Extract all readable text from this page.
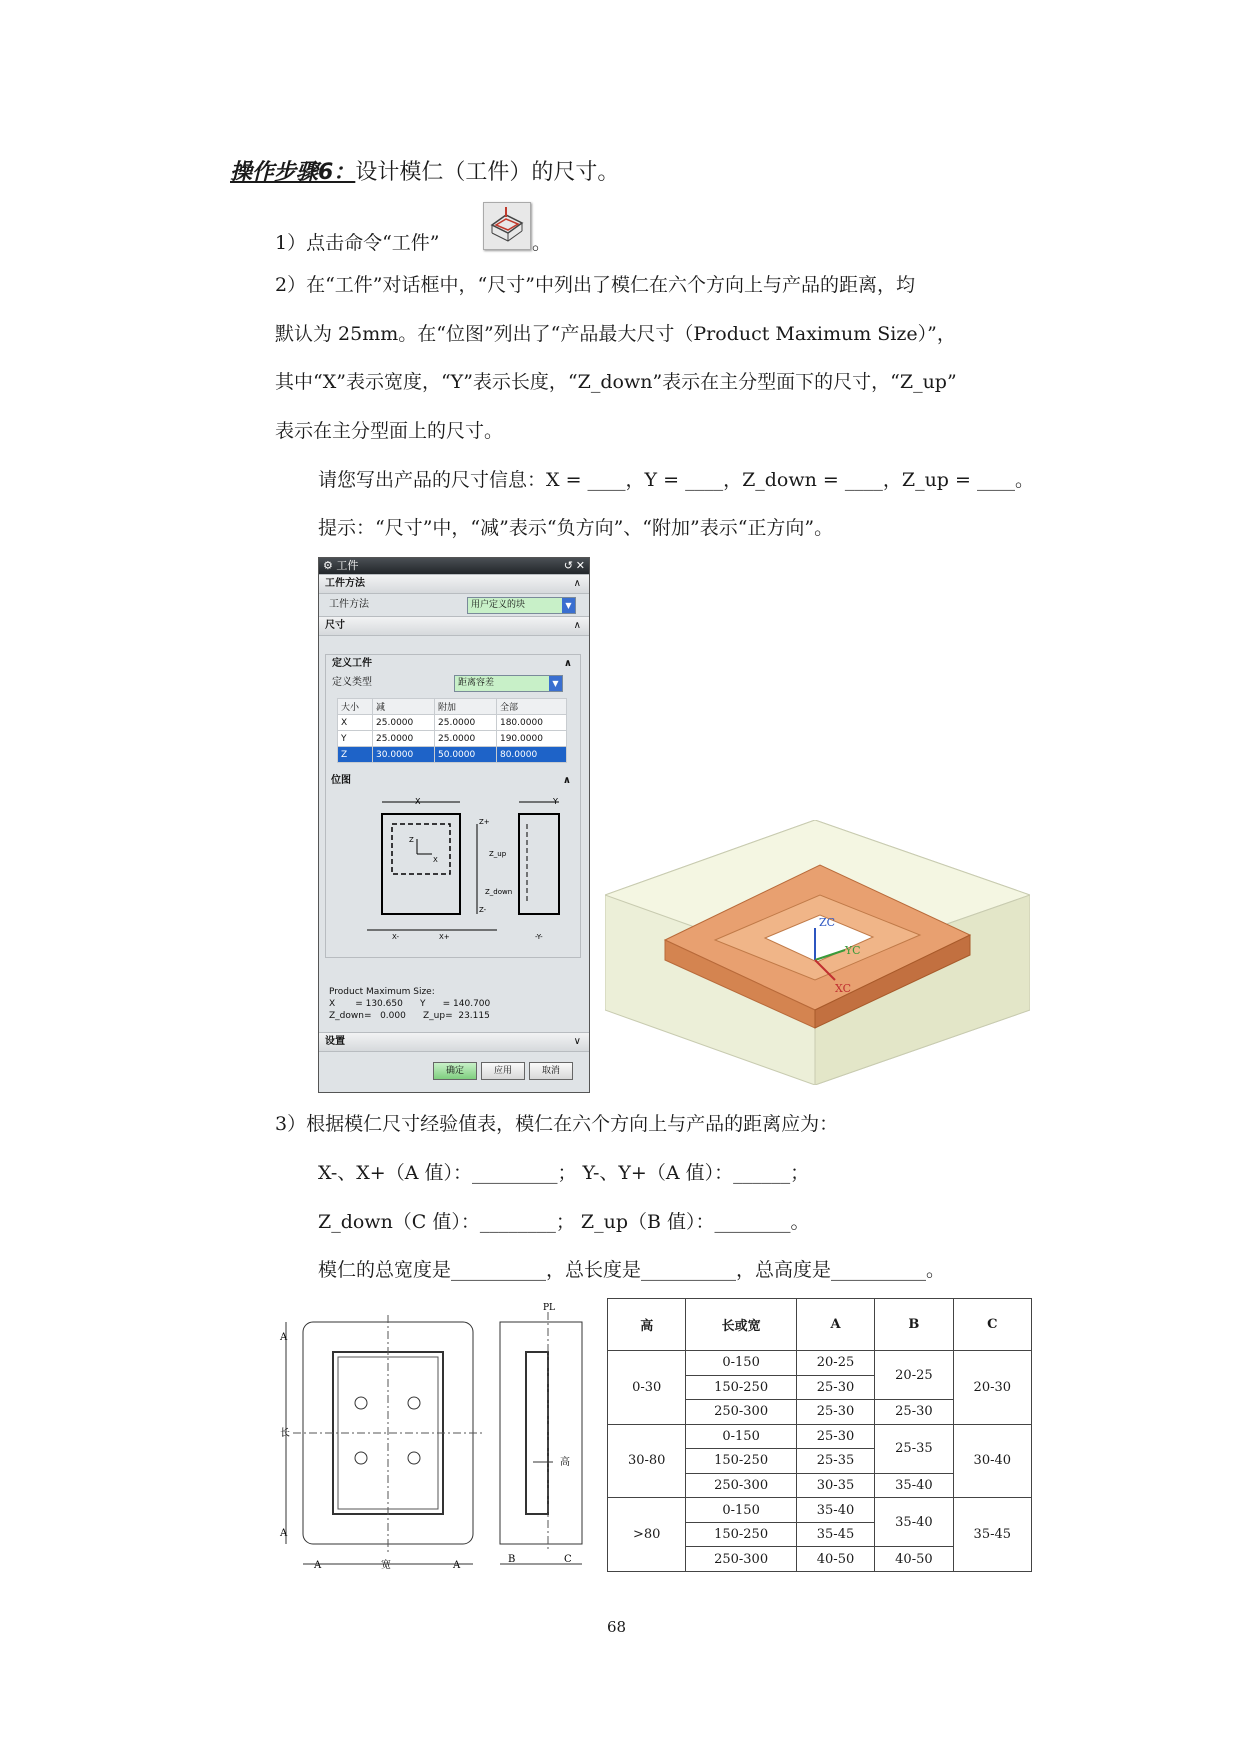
操作步骤6：设计模仁（工件）的尺寸。
1）点击命令“工件”	。
2）在“工件”对话框中，“尺寸”中列出了模仁在六个方向上与产品的距离，均
默认为 25mm。在“位图”列出了“产品最大尺寸（Product Maximum Size）”，
其中“X”表示宽度，“Y”表示长度，“Z_down”表示在主分型面下的尺寸，“Z_up”
表示在主分型面上的尺寸。
请您写出产品的尺寸信息：X = ____，Y = ____，Z_down = ____，Z_up = ____。
提示：“尺寸”中，“减”表示“负方向”、“附加”表示“正方向”。
⚙ 工件	↺ ✕
工件方法	∧
工件方法	用户定义的块	▼
尺寸	∧
定义工件	∧
定义类型	距离容差	▼
大小	减	附加	全部
X	25.0000	25.0000	180.0000
Y	25.0000	25.0000	190.0000
Z	30.0000	50.0000	80.0000
位图	∧
X
Z
X
X-	X+
Z+
Z_up
Z_down
Z-
Y
-Y-
Product Maximum Size:
X       = 130.650      Y      = 140.700
Z_down=   0.000      Z_up=  23.115
设置	∨
确定	应用	取消
ZC
YC
XC
3）根据模仁尺寸经验值表，模仁在六个方向上与产品的距离应为：
X-、X+（A 值）：_________； Y-、Y+（A 值）：______；
Z_down（C 值）：________； Z_up（B 值）：________。
模仁的总宽度是__________，总长度是__________，总高度是__________。
A
长
A
A	宽	A
PL
高
B	C
高	长或宽	A	B	C
0-30	0-150	20-25	20-25	20-30
	150-250	25-30		
	250-300	25-30	25-30	
30-80	0-150	25-30	25-35	30-40
	150-250	25-35		
	250-300	30-35	35-40	
>80	0-150	35-40	35-40	35-45
	150-250	35-45		
	250-300	40-50	40-50	
68
